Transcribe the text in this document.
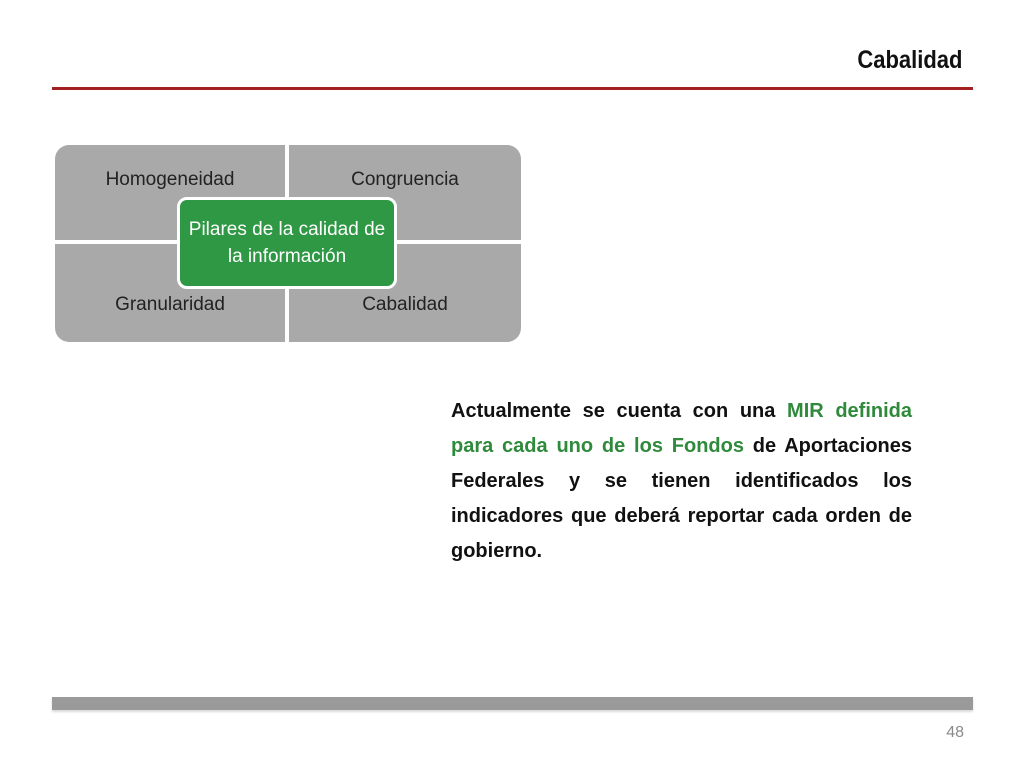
Cabalidad
Homogeneidad	Congruencia
Granularidad	Cabalidad
Pilares de la calidad de la información
Actualmente se cuenta con una MIR definida para cada uno de los Fondos de Aportaciones Federales y se tienen identificados los indicadores que deberá reportar cada orden de gobierno.
48
